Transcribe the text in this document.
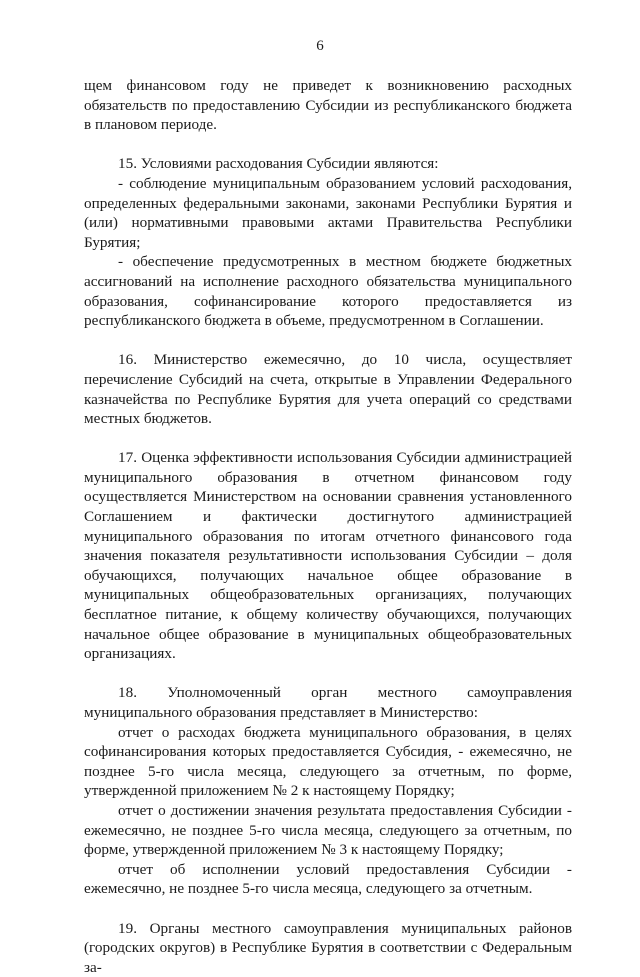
6

щем финансовом году не приведет к возникновению расходных обязательств по предоставлению Субсидии из республиканского бюджета в плановом периоде.

15. Условиями расходования Субсидии являются:

- соблюдение муниципальным образованием условий расходования, определенных федеральными законами, законами Республики Бурятия и (или) нормативными правовыми актами Правительства Республики Бурятия;

- обеспечение предусмотренных в местном бюджете бюджетных ассигнований на исполнение расходного обязательства муниципального образования, софинансирование которого предоставляется из республиканского бюджета в объеме, предусмотренном в Соглашении.

16. Министерство ежемесячно, до 10 числа, осуществляет перечисление Субсидий на счета, открытые в Управлении Федерального казначейства по Республике Бурятия для учета операций со средствами местных бюджетов.

17. Оценка эффективности использования Субсидии администрацией муниципального образования в отчетном финансовом году осуществляется Министерством на основании сравнения установленного Соглашением и фактически достигнутого администрацией муниципального образования по итогам отчетного финансового года значения показателя результативности использования Субсидии – доля обучающихся, получающих начальное общее образование в муниципальных общеобразовательных организациях, получающих бесплатное питание, к общему количеству обучающихся, получающих начальное общее образование в муниципальных общеобразовательных организациях.

18. Уполномоченный орган местного самоуправления муниципального образования представляет в Министерство:

отчет о расходах бюджета муниципального образования, в целях софинансирования которых предоставляется Субсидия, - ежемесячно, не позднее 5-го числа месяца, следующего за отчетным, по форме, утвержденной приложением № 2 к настоящему Порядку;

отчет о достижении значения результата предоставления Субсидии - ежемесячно, не позднее 5-го числа месяца, следующего за отчетным, по форме, утвержденной приложением № 3 к настоящему Порядку;

отчет об исполнении условий предоставления Субсидии - ежемесячно, не позднее 5-го числа месяца, следующего за отчетным.

19. Органы местного самоуправления муниципальных районов (городских округов) в Республике Бурятия в соответствии с Федеральным за-
